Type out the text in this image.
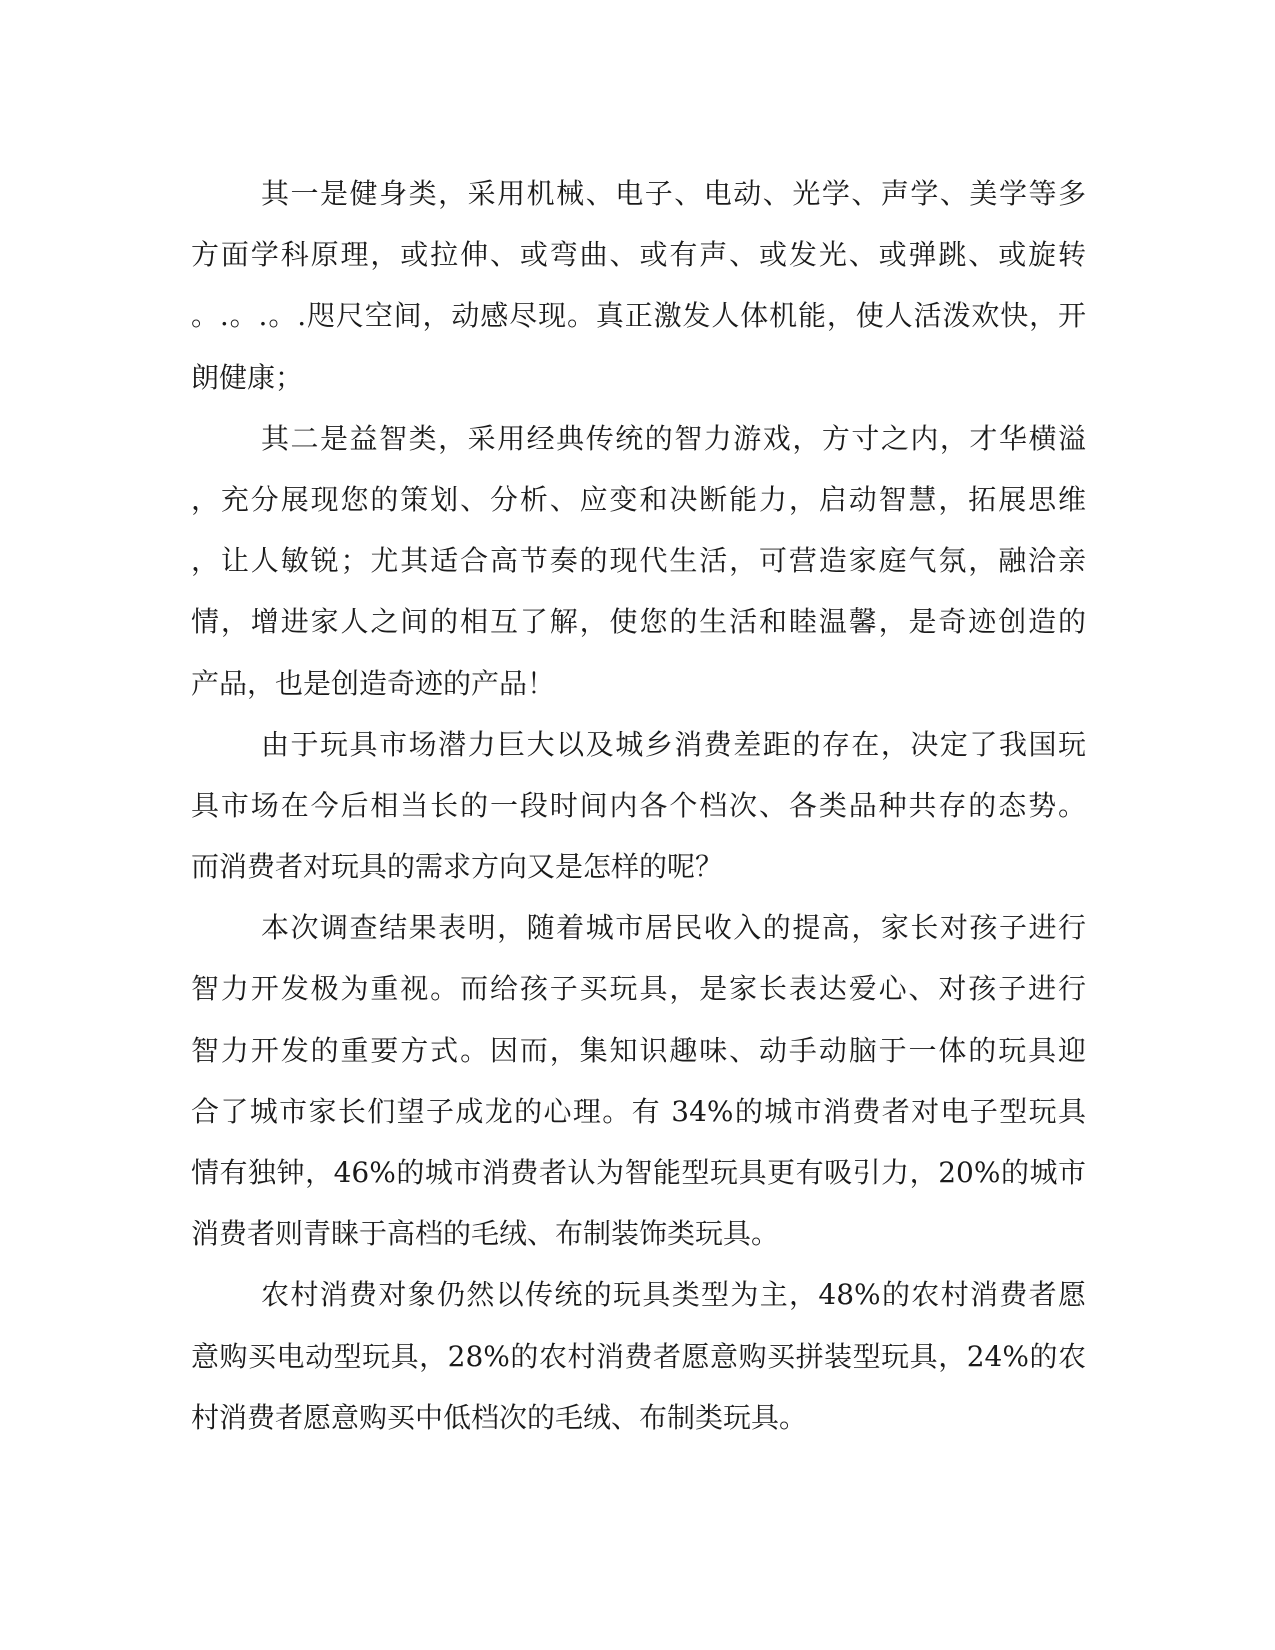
其一是健身类，采用机械、电子、电动、光学、声学、美学等多
方面学科原理，或拉伸、或弯曲、或有声、或发光、或弹跳、或旋转
。.。.。.咫尺空间，动感尽现。真正激发人体机能，使人活泼欢快，开
朗健康；
其二是益智类，采用经典传统的智力游戏，方寸之内，才华横溢
，充分展现您的策划、分析、应变和决断能力，启动智慧，拓展思维
，让人敏锐；尤其适合高节奏的现代生活，可营造家庭气氛，融洽亲
情，增进家人之间的相互了解，使您的生活和睦温馨，是奇迹创造的
产品，也是创造奇迹的产品！
由于玩具市场潜力巨大以及城乡消费差距的存在，决定了我国玩
具市场在今后相当长的一段时间内各个档次、各类品种共存的态势。
而消费者对玩具的需求方向又是怎样的呢？
本次调查结果表明，随着城市居民收入的提高，家长对孩子进行
智力开发极为重视。而给孩子买玩具，是家长表达爱心、对孩子进行
智力开发的重要方式。因而，集知识趣味、动手动脑于一体的玩具迎
合了城市家长们望子成龙的心理。有 34%的城市消费者对电子型玩具
情有独钟，46%的城市消费者认为智能型玩具更有吸引力，20%的城市
消费者则青睐于高档的毛绒、布制装饰类玩具。
农村消费对象仍然以传统的玩具类型为主，48%的农村消费者愿
意购买电动型玩具，28%的农村消费者愿意购买拼装型玩具，24%的农
村消费者愿意购买中低档次的毛绒、布制类玩具。
